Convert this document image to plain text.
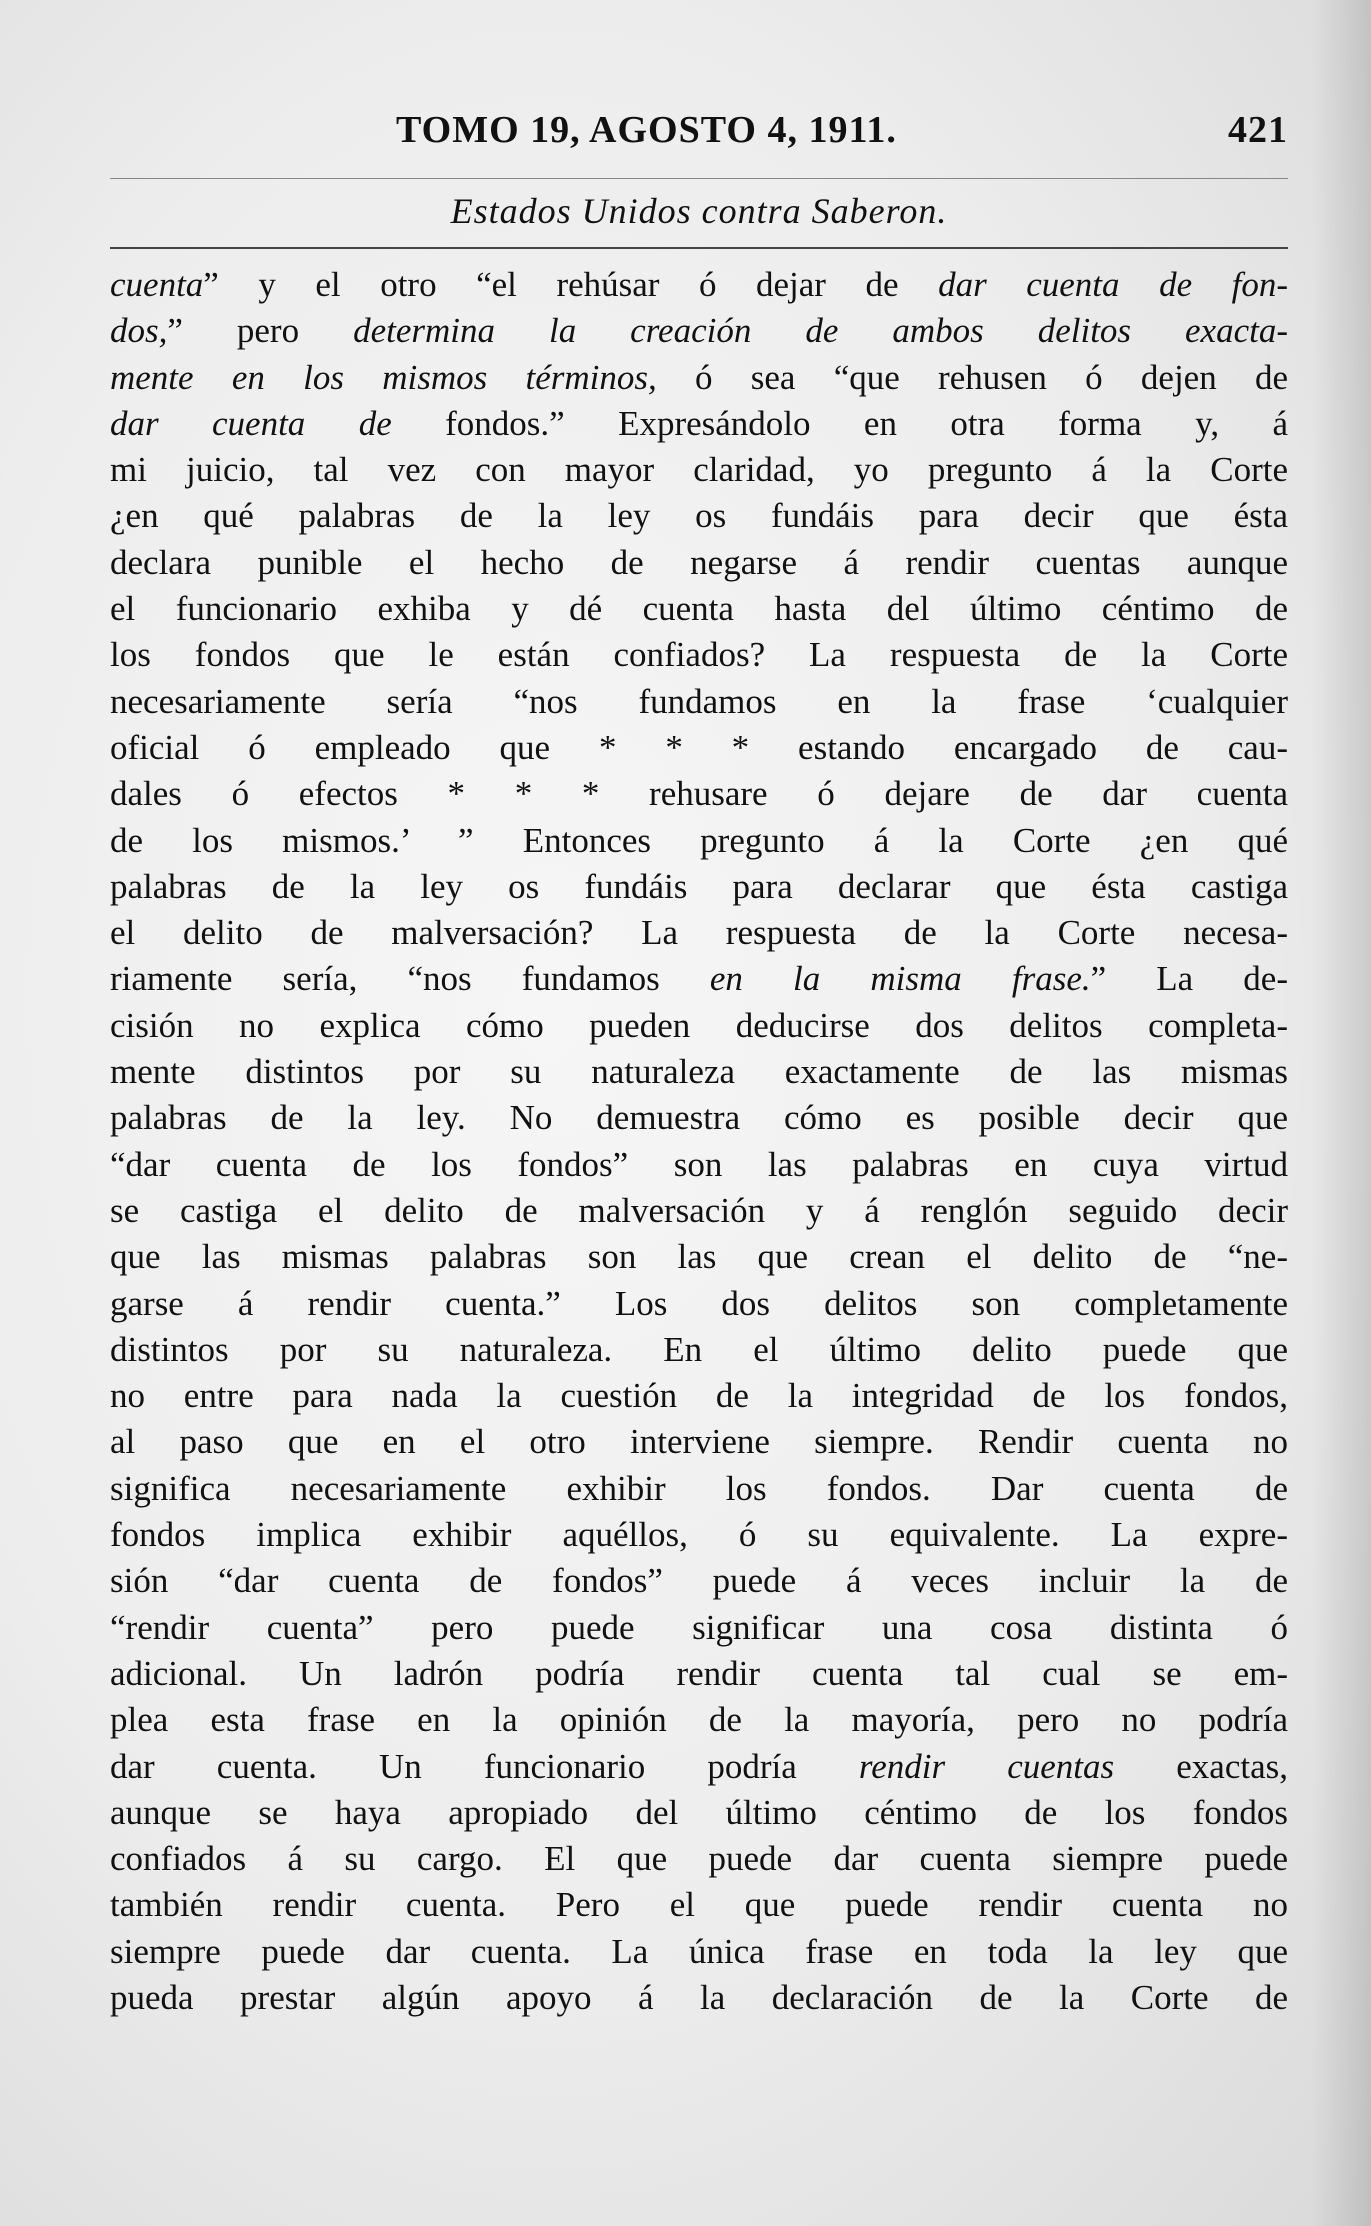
TOMO 19, AGOSTO 4, 1911.	421
Estados Unidos contra Saberon.
cuenta” y el otro “el rehúsar ó dejar de dar cuenta de fon-
dos,” pero determina la creación de ambos delitos exacta-
mente en los mismos términos, ó sea “que rehusen ó dejen de
dar cuenta de fondos.” Expresándolo en otra forma y, á
mi juicio, tal vez con mayor claridad, yo pregunto á la Corte
¿en qué palabras de la ley os fundáis para decir que ésta
declara punible el hecho de negarse á rendir cuentas aunque
el funcionario exhiba y dé cuenta hasta del último céntimo de
los fondos que le están confiados? La respuesta de la Corte
necesariamente sería “nos fundamos en la frase ‘cualquier
oficial ó empleado que * * * estando encargado de cau-
dales ó efectos * * * rehusare ó dejare de dar cuenta
de los mismos.’ ” Entonces pregunto á la Corte ¿en qué
palabras de la ley os fundáis para declarar que ésta castiga
el delito de malversación? La respuesta de la Corte necesa-
riamente sería, “nos fundamos en la misma frase.” La de-
cisión no explica cómo pueden deducirse dos delitos completa-
mente distintos por su naturaleza exactamente de las mismas
palabras de la ley. No demuestra cómo es posible decir que
“dar cuenta de los fondos” son las palabras en cuya virtud
se castiga el delito de malversación y á renglón seguido decir
que las mismas palabras son las que crean el delito de “ne-
garse á rendir cuenta.” Los dos delitos son completamente
distintos por su naturaleza. En el último delito puede que
no entre para nada la cuestión de la integridad de los fondos,
al paso que en el otro interviene siempre. Rendir cuenta no
significa necesariamente exhibir los fondos. Dar cuenta de
fondos implica exhibir aquéllos, ó su equivalente. La expre-
sión “dar cuenta de fondos” puede á veces incluir la de
“rendir cuenta” pero puede significar una cosa distinta ó
adicional. Un ladrón podría rendir cuenta tal cual se em-
plea esta frase en la opinión de la mayoría, pero no podría
dar cuenta. Un funcionario podría rendir cuentas exactas,
aunque se haya apropiado del último céntimo de los fondos
confiados á su cargo. El que puede dar cuenta siempre puede
también rendir cuenta. Pero el que puede rendir cuenta no
siempre puede dar cuenta. La única frase en toda la ley que
pueda prestar algún apoyo á la declaración de la Corte de
